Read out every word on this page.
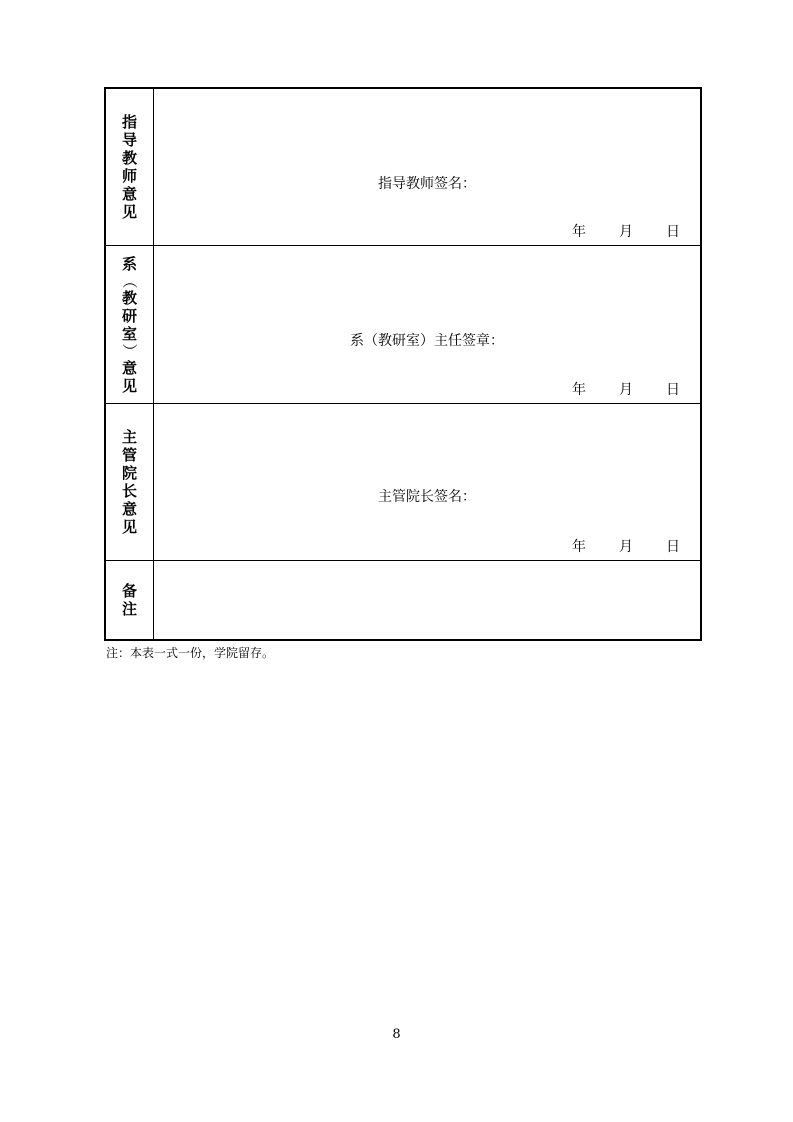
指
导
教
师
意
见
指导教师签名：
年 月 日
系
（
教
研
室
）
意
见
系（教研室）主任签章：
年 月 日
主
管
院
长
意
见
主管院长签名：
年 月 日
备
注
注：本表一式一份，学院留存。
8
